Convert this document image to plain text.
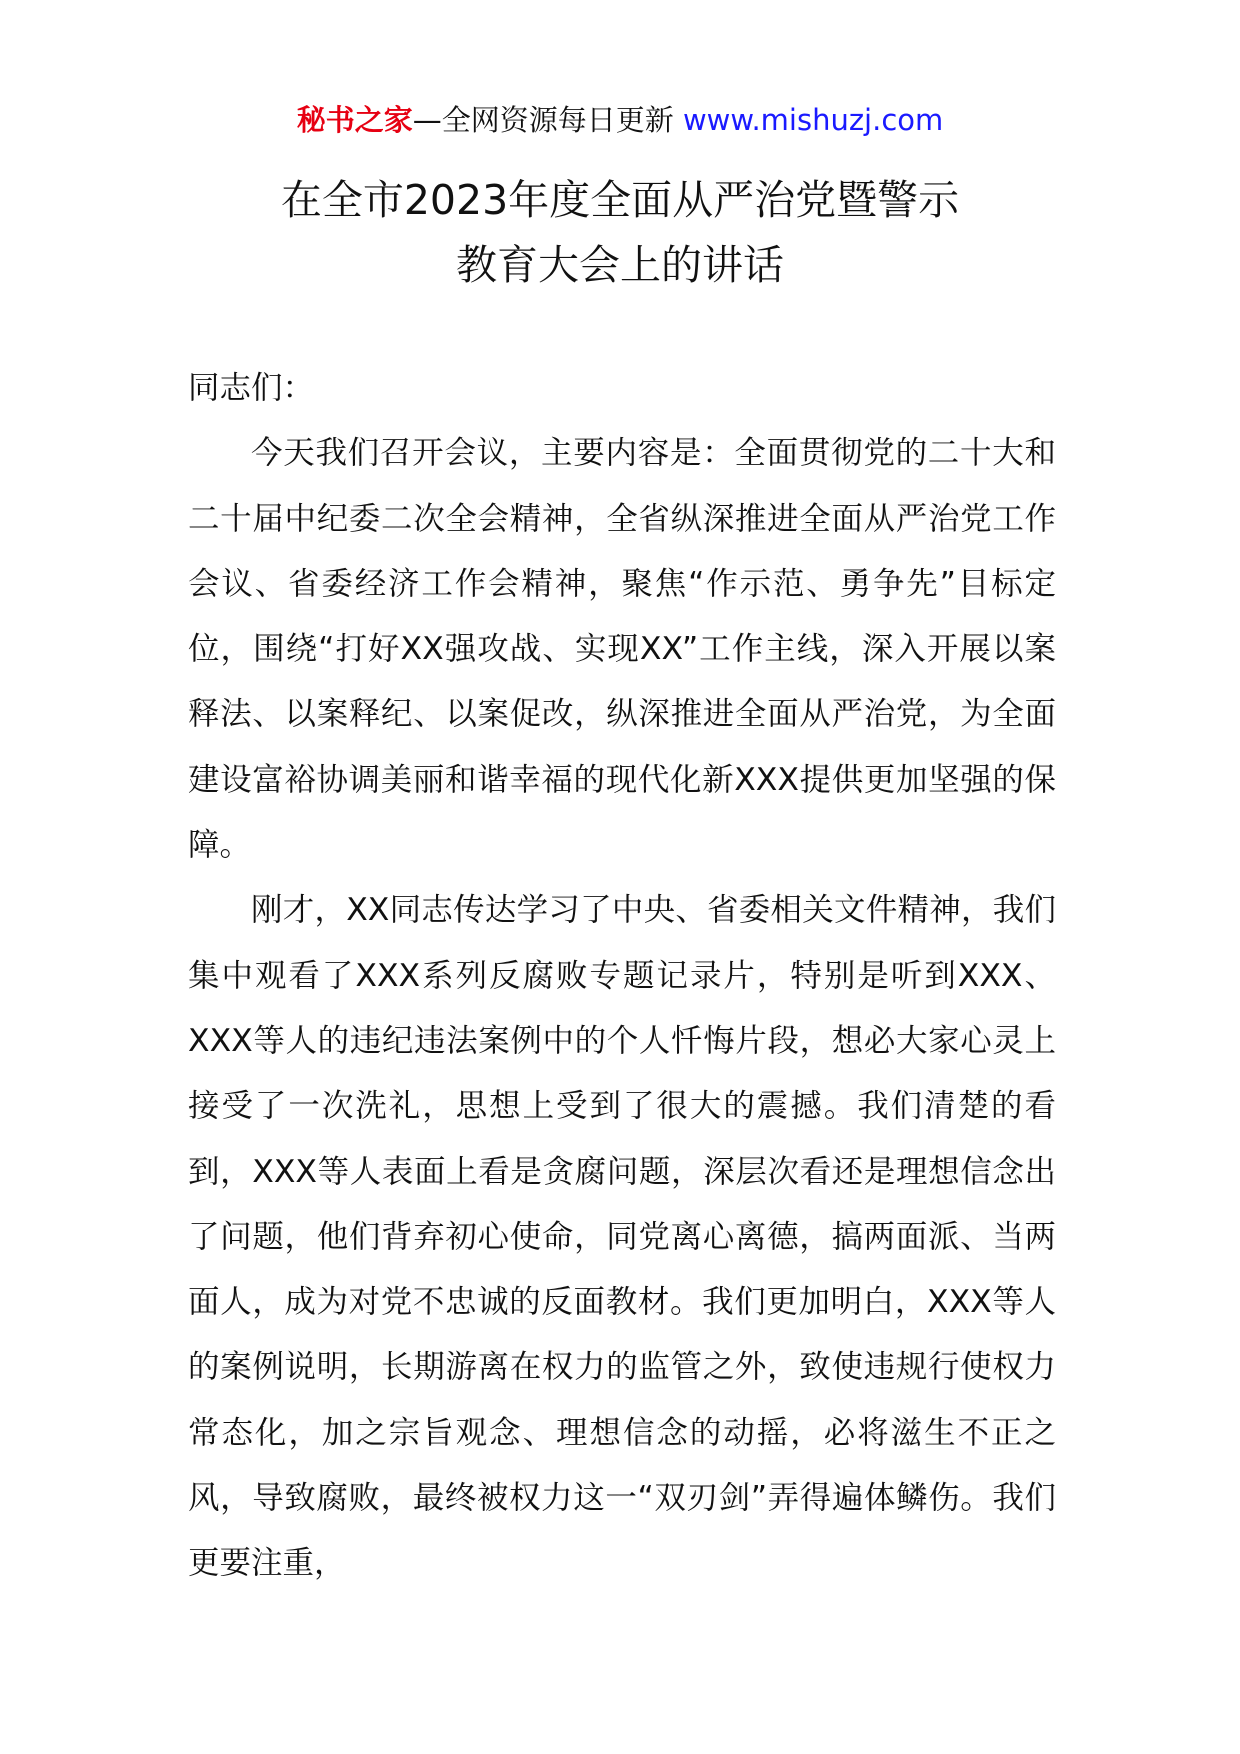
秘书之家—全网资源每日更新 www.mishuzj.com
在全市2023年度全面从严治党暨警示
教育大会上的讲话

同志们：

今天我们召开会议，主要内容是：全面贯彻党的二十大和二十届中纪委二次全会精神，全省纵深推进全面从严治党工作会议、省委经济工作会精神，聚焦“作示范、勇争先”目标定位，围绕“打好XX强攻战、实现XX”工作主线，深入开展以案释法、以案释纪、以案促改，纵深推进全面从严治党，为全面建设富裕协调美丽和谐幸福的现代化新XXX提供更加坚强的保障。

刚才，XX同志传达学习了中央、省委相关文件精神，我们集中观看了XXX系列反腐败专题记录片，特别是听到XXX、XXX等人的违纪违法案例中的个人忏悔片段，想必大家心灵上接受了一次洗礼，思想上受到了很大的震撼。我们清楚的看到，XXX等人表面上看是贪腐问题，深层次看还是理想信念出了问题，他们背弃初心使命，同党离心离德，搞两面派、当两面人，成为对党不忠诚的反面教材。我们更加明白，XXX等人的案例说明，长期游离在权力的监管之外，致使违规行使权力常态化，加之宗旨观念、理想信念的动摇，必将滋生不正之风，导致腐败，最终被权力这一“双刃剑”弄得遍体鳞伤。我们更要注重，
